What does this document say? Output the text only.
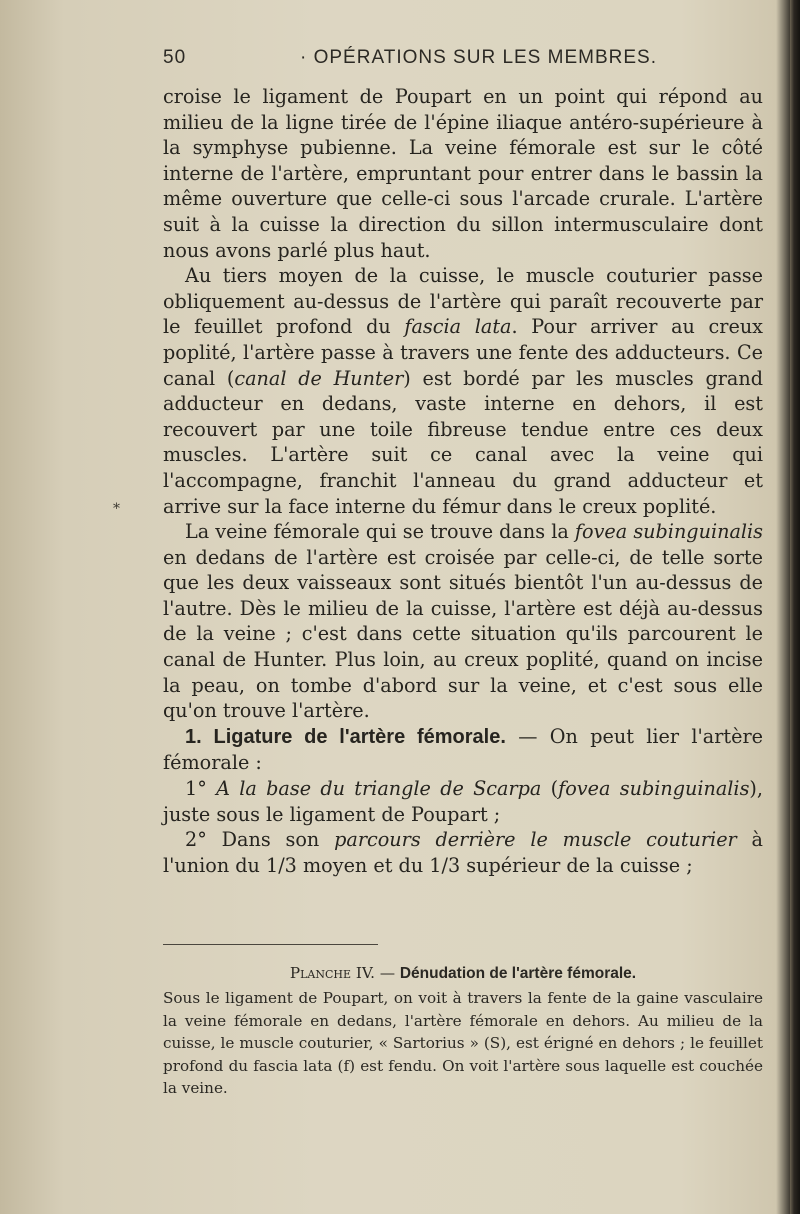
50	· OPÉRATIONS SUR LES MEMBRES.
*

croise le ligament de Poupart en un point qui répond au milieu de la ligne tirée de l'épine iliaque antéro-supérieure à la symphyse pubienne. La veine fémorale est sur le côté interne de l'artère, empruntant pour entrer dans le bassin la même ouverture que celle-ci sous l'arcade crurale. L'artère suit à la cuisse la direction du sillon intermusculaire dont nous avons parlé plus haut.

Au tiers moyen de la cuisse, le muscle couturier passe obliquement au-dessus de l'artère qui paraît recouverte par le feuillet profond du fascia lata. Pour arriver au creux poplité, l'artère passe à travers une fente des adducteurs. Ce canal (canal de Hunter) est bordé par les muscles grand adducteur en dedans, vaste interne en dehors, il est recouvert par une toile fibreuse tendue entre ces deux muscles. L'artère suit ce canal avec la veine qui l'accompagne, franchit l'anneau du grand adducteur et arrive sur la face interne du fémur dans le creux poplité.

La veine fémorale qui se trouve dans la fovea subinguinalis en dedans de l'artère est croisée par celle-ci, de telle sorte que les deux vaisseaux sont situés bientôt l'un au-dessus de l'autre. Dès le milieu de la cuisse, l'artère est déjà au-dessus de la veine ; c'est dans cette situation qu'ils parcourent le canal de Hunter. Plus loin, au creux poplité, quand on incise la peau, on tombe d'abord sur la veine, et c'est sous elle qu'on trouve l'artère.

1. Ligature de l'artère fémorale. — On peut lier l'artère fémorale :

1° A la base du triangle de Scarpa (fovea subinguinalis), juste sous le ligament de Poupart ;

2° Dans son parcours derrière le muscle couturier à l'union du 1/3 moyen et du 1/3 supérieur de la cuisse ;

Planche IV. — Dénudation de l'artère fémorale.

Sous le ligament de Poupart, on voit à travers la fente de la gaine vasculaire la veine fémorale en dedans, l'artère fémorale en dehors. Au milieu de la cuisse, le muscle couturier, « Sartorius » (S), est érigné en dehors ; le feuillet profond du fascia lata (f) est fendu. On voit l'artère sous laquelle est couchée la veine.
